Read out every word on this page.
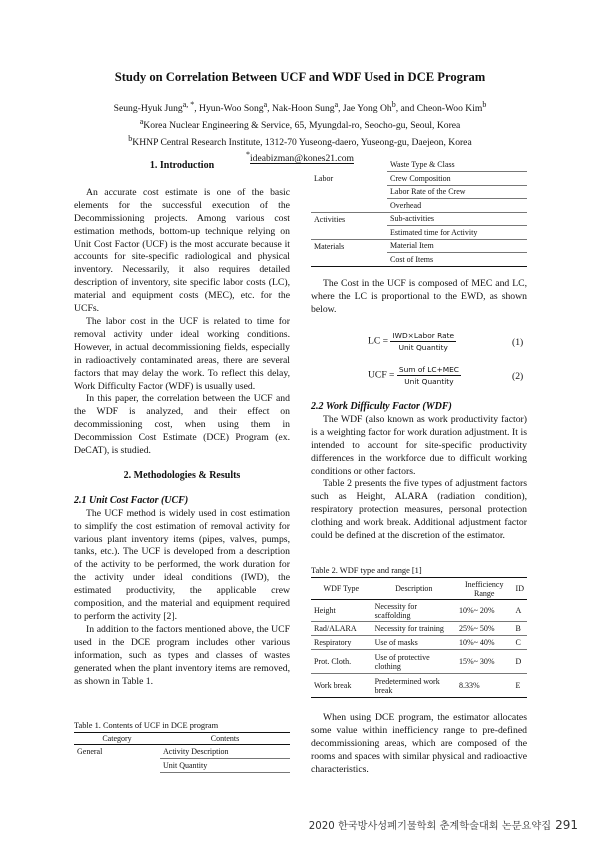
Study on Correlation Between UCF and WDF Used in DCE Program
Seung-Hyuk Jung$^{a, *}$, Hyun-Woo Song$^a$, Nak-Hoon Sung$^a$, Jae Yong Oh$^b$, and Cheon-Woo Kim$^b$
$^a$Korea Nuclear Engineering & Service, 65, Myungdal-ro, Seocho-gu, Seoul, Korea
$^b$KHNP Central Research Institute, 1312-70 Yuseong-daero, Yuseong-gu, Daejeon, Korea
*ideabizman@kones21.com
1. Introduction

An accurate cost estimate is one of the basic elements for the successful execution of the Decommissioning projects. Among various cost estimation methods, bottom-up technique relying on Unit Cost Factor (UCF) is the most accurate because it accounts for site-specific radiological and physical inventory. Necessarily, it also requires detailed description of inventory, site specific labor costs (LC), material and equipment costs (MEC), etc. for the UCFs.

The labor cost in the UCF is related to time for removal activity under ideal working conditions. However, in actual decommissioning fields, especially in radioactively contaminated areas, there are several factors that may delay the work. To reflect this delay, Work Difficulty Factor (WDF) is usually used.

In this paper, the correlation between the UCF and the WDF is analyzed, and their effect on decommissioning cost, when using them in Decommission Cost Estimate (DCE) Program (ex. DeCAT), is studied.

2. Methodologies & Results
2.1 Unit Cost Factor (UCF)

The UCF method is widely used in cost estimation to simplify the cost estimation of removal activity for various plant inventory items (pipes, valves, pumps, tanks, etc.). The UCF is developed from a description of the activity to be performed, the work duration for the activity under ideal conditions (IWD), the estimated productivity, the applicable crew composition, and the material and equipment required to perform the activity [2].

In addition to the factors mentioned above, the UCF used in the DCE program includes other various information, such as types and classes of wastes generated when the plant inventory items are removed, as shown in Table 1.

Table 1. Contents of UCF in DCE program
Category	Contents
General	Activity Description
	Unit Quantity
	Waste Type & Class
Labor	Crew Composition
	Labor Rate of the Crew
	Overhead
Activities	Sub-activities
	Estimated time for Activity
Materials	Material Item
	Cost of Items

The Cost in the UCF is composed of MEC and LC, where the LC is proportional to the EWD, as shown below.

LC = $\frac{\text{IWD×Labor Rate}}{\text{Unit Quantity}}$	(1)
UCF = $\frac{\text{Sum of LC+MEC}}{\text{Unit Quantity}}$	(2)
2.2 Work Difficulty Factor (WDF)

The WDF (also known as work productivity factor) is a weighting factor for work duration adjustment. It is intended to account for site-specific productivity differences in the workforce due to difficult working conditions or other factors.

Table 2 presents the five types of adjustment factors such as Height, ALARA (radiation condition), respiratory protection measures, personal protection clothing and work break. Additional adjustment factor could be defined at the discretion of the estimator.

Table 2. WDF type and range [1]
WDF Type	Description	Inefficiency Range	ID
Height	Necessity for scaffolding	10%~ 20%	A
Rad/ALARA	Necessity for training	25%~ 50%	B
Respiratory	Use of masks	10%~ 40%	C
Prot. Cloth.	Use of protective clothing	15%~ 30%	D
Work break	Predetermined work break	8.33%	E

When using DCE program, the estimator allocates some value within inefficiency range to pre-defined decommissioning areas, which are composed of the rooms and spaces with similar physical and radioactive characteristics.

2020 한국방사성폐기물학회 춘계학술대회 논문요약집 291
